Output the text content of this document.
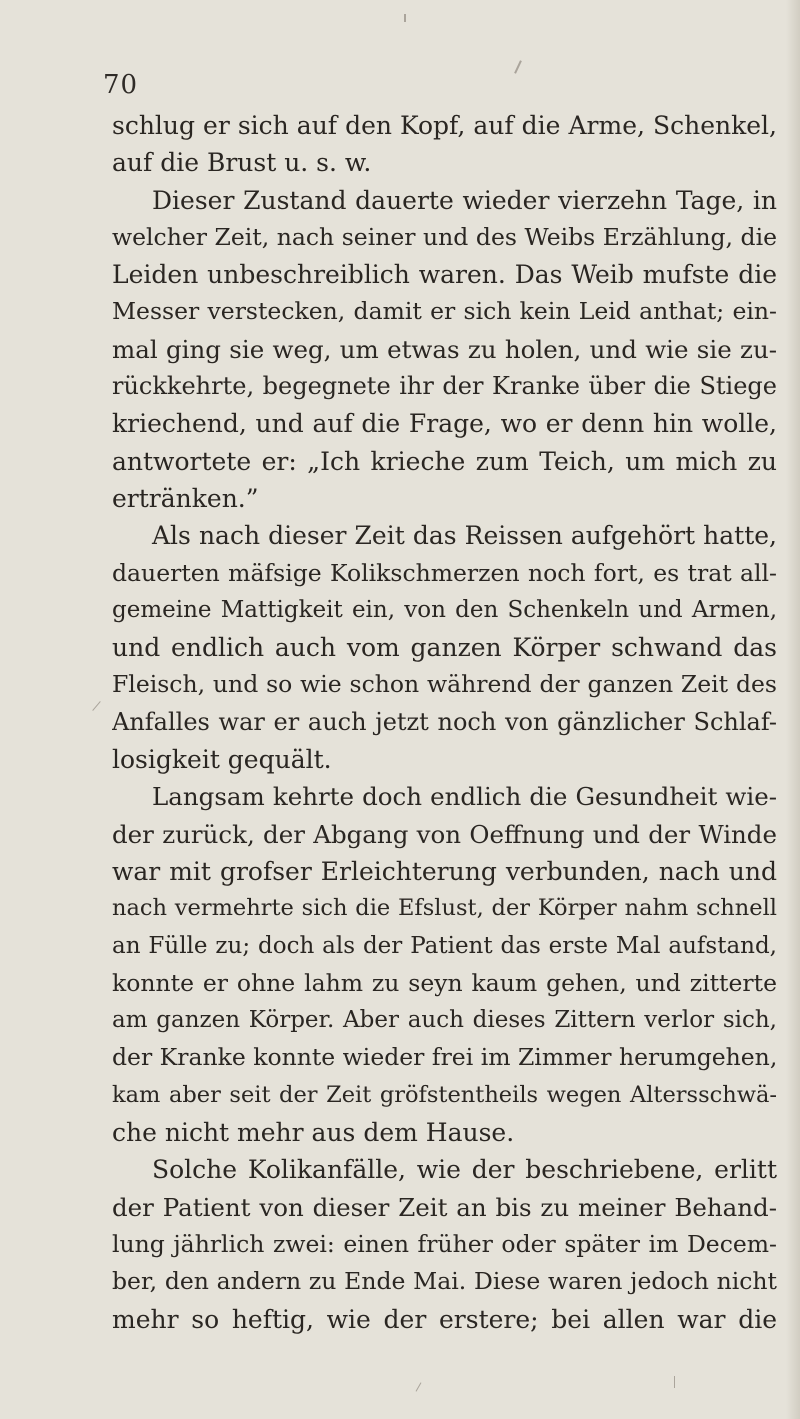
70
schlug er sich auf den Kopf, auf die Arme, Schenkel,
auf die Brust u. s. w.
Dieser Zustand dauerte wieder vierzehn Tage, in
welcher Zeit, nach seiner und des Weibs Erzählung, die
Leiden unbeschreiblich waren. Das Weib mufste die
Messer verstecken, damit er sich kein Leid anthat; ein-
mal ging sie weg, um etwas zu holen, und wie sie zu-
rückkehrte, begegnete ihr der Kranke über die Stiege
kriechend, und auf die Frage, wo er denn hin wolle,
antwortete er: „Ich krieche zum Teich, um mich zu
ertränken.”
Als nach dieser Zeit das Reissen aufgehört hatte,
dauerten mäfsige Kolikschmerzen noch fort, es trat all-
gemeine Mattigkeit ein, von den Schenkeln und Armen,
und endlich auch vom ganzen Körper schwand das
Fleisch, und so wie schon während der ganzen Zeit des
Anfalles war er auch jetzt noch von gänzlicher Schlaf-
losigkeit gequält.
Langsam kehrte doch endlich die Gesundheit wie-
der zurück, der Abgang von Oeffnung und der Winde
war mit grofser Erleichterung verbunden, nach und
nach vermehrte sich die Efslust, der Körper nahm schnell
an Fülle zu; doch als der Patient das erste Mal aufstand,
konnte er ohne lahm zu seyn kaum gehen, und zitterte
am ganzen Körper. Aber auch dieses Zittern verlor sich,
der Kranke konnte wieder frei im Zimmer herumgehen,
kam aber seit der Zeit gröfstentheils wegen Altersschwä-
che nicht mehr aus dem Hause.
Solche Kolikanfälle, wie der beschriebene, erlitt
der Patient von dieser Zeit an bis zu meiner Behand-
lung jährlich zwei: einen früher oder später im Decem-
ber, den andern zu Ende Mai. Diese waren jedoch nicht
mehr so heftig, wie der erstere; bei allen war die
